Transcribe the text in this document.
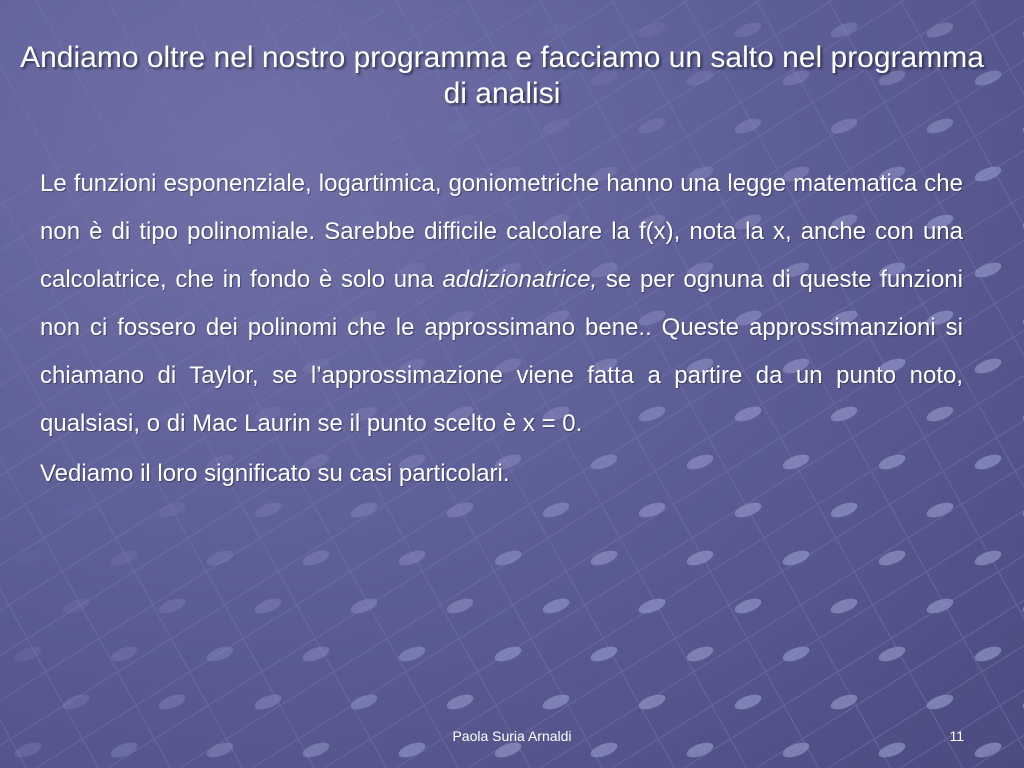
Andiamo oltre nel nostro programma e facciamo un salto nel programma di analisi

Le funzioni esponenziale, logartimica, goniometriche hanno una legge matematica che non è di tipo polinomiale. Sarebbe difficile calcolare la f(x), nota la x, anche con una calcolatrice, che in fondo è solo una addizionatrice, se per ognuna di queste funzioni non ci fossero dei polinomi che le approssimano bene.. Queste approssimanzioni si chiamano di Taylor, se l’approssimazione viene fatta a partire da un punto noto, qualsiasi, o di Mac Laurin se il punto scelto è x = 0.

Vediamo il loro significato su casi particolari.

Paola Suria Arnaldi	11
